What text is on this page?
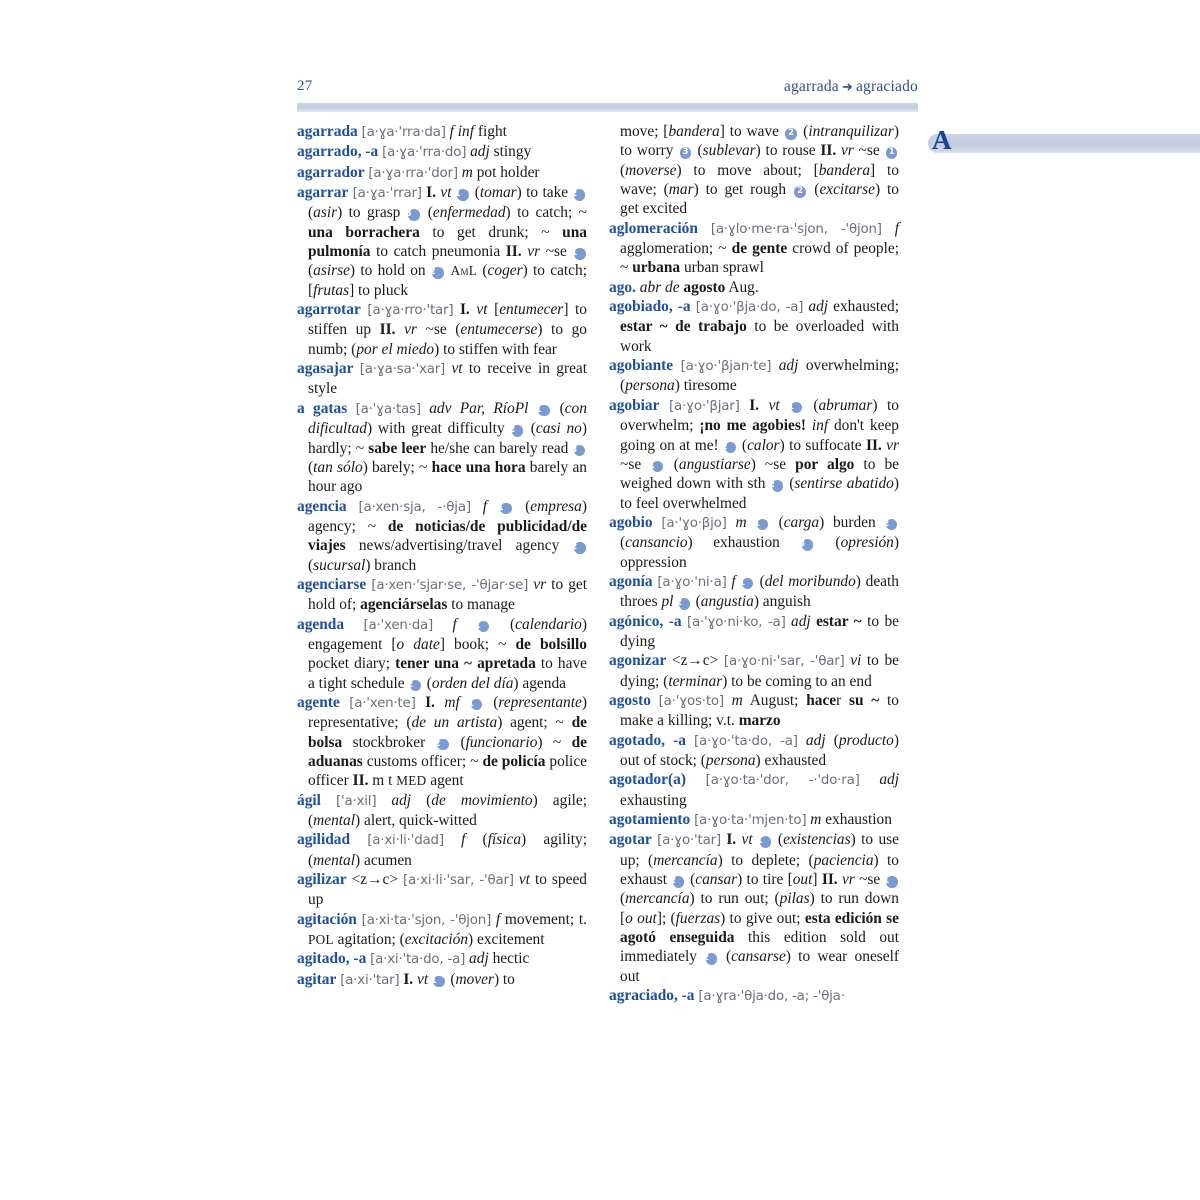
27	agarrada ➜ agraciado

agarrada [a·ɣa·'rra·da] f inf fight

agarrado, -a [a·ɣa·'rra·do] adj stingy

agarrador [a·ɣa·rra·'dor] m pot holder

agarrar [a·ɣa·'rrar] I. vt 1 (tomar) to take 2 (asir) to grasp 3 (enfermedad) to catch; ~ una borrachera to get drunk; ~ una pulmonía to catch pneumonia II. vr ~se 1 (asirse) to hold on 2 AmL (coger) to catch; [frutas] to pluck

agarrotar [a·ɣa·rro·'tar] I. vt [entumecer] to stiffen up II. vr ~se (entumecerse) to go numb; (por el miedo) to stiffen with fear

agasajar [a·ɣa·sa·'xar] vt to receive in great style

a gatas [a·'ɣa·tas] adv Par, RíoPl 1 (con dificultad) with great difficulty 2 (casi no) hardly; ~ sabe leer he/she can barely read 3 (tan sólo) barely; ~ hace una hora barely an hour ago

agencia [a·xen·sja, -·θja] f 1 (empresa) agency; ~ de noticias/de publicidad/de viajes news/advertising/travel agency 2 (sucursal) branch

agenciarse [a·xen·'sjar·se, -'θjar·se] vr to get hold of; agenciárselas to manage

agenda [a·'xen·da] f 1 (calendario) engagement [o date] book; ~ de bolsillo pocket diary; tener una ~ apretada to have a tight schedule 2 (orden del día) agenda

agente [a·'xen·te] I. mf 1 (representante) representative; (de un artista) agent; ~ de bolsa stockbroker 2 (funcionario) ~ de aduanas customs officer; ~ de policía police officer II. m t MED agent

ágil ['a·xil] adj (de movimiento) agile; (mental) alert, quick-witted

agilidad [a·xi·li·'dad] f (física) agility; (mental) acumen

agilizar <z→c> [a·xi·li·'sar, -'θar] vt to speed up

agitación [a·xi·ta·'sjon, -'θjon] f movement; t. POL agitation; (excitación) excitement

agitado, -a [a·xi·'ta·do, -a] adj hectic

agitar [a·xi·'tar] I. vt 1 (mover) to

move; [bandera] to wave 2 (intranquilizar) to worry 3 (sublevar) to rouse II. vr ~se 1 (moverse) to move about; [bandera] to wave; (mar) to get rough 2 (excitarse) to get excited

aglomeración [a·ɣlo·me·ra·'sjon, -'θjon] f agglomeration; ~ de gente crowd of people; ~ urbana urban sprawl

ago. abr de agosto Aug.

agobiado, -a [a·ɣo·'βja·do, -a] adj exhausted; estar ~ de trabajo to be overloaded with work

agobiante [a·ɣo·'βjan·te] adj overwhelming; (persona) tiresome

agobiar [a·ɣo·'βjar] I. vt 1 (abrumar) to overwhelm; ¡no me agobies! inf don't keep going on at me! 2 (calor) to suffocate II. vr ~se 1 (angustiarse) ~se por algo to be weighed down with sth 2 (sentirse abatido) to feel overwhelmed

agobio [a·'ɣo·βjo] m 1 (carga) burden 2 (cansancio) exhaustion 3 (opresión) oppression

agonía [a·ɣo·'ni·a] f 1 (del moribundo) death throes pl 2 (angustia) anguish

agónico, -a [a·'ɣo·ni·ko, -a] adj estar ~ to be dying

agonizar <z→c> [a·ɣo·ni·'sar, -'θar] vi to be dying; (terminar) to be coming to an end

agosto [a·'ɣos·to] m August; hacer su ~ to make a killing; v.t. marzo

agotado, -a [a·ɣo·'ta·do, -a] adj (producto) out of stock; (persona) exhausted

agotador(a) [a·ɣo·ta·'dor, -·'do·ra] adj exhausting

agotamiento [a·ɣo·ta·'mjen·to] m exhaustion

agotar [a·ɣo·'tar] I. vt 1 (existencias) to use up; (mercancía) to deplete; (paciencia) to exhaust 2 (cansar) to tire [out] II. vr ~se 1 (mercancía) to run out; (pilas) to run down [o out]; (fuerzas) to give out; esta edición se agotó enseguida this edition sold out immediately 2 (cansarse) to wear oneself out

agraciado, -a [a·ɣra·'θja·do, -a; -'θja·

A
